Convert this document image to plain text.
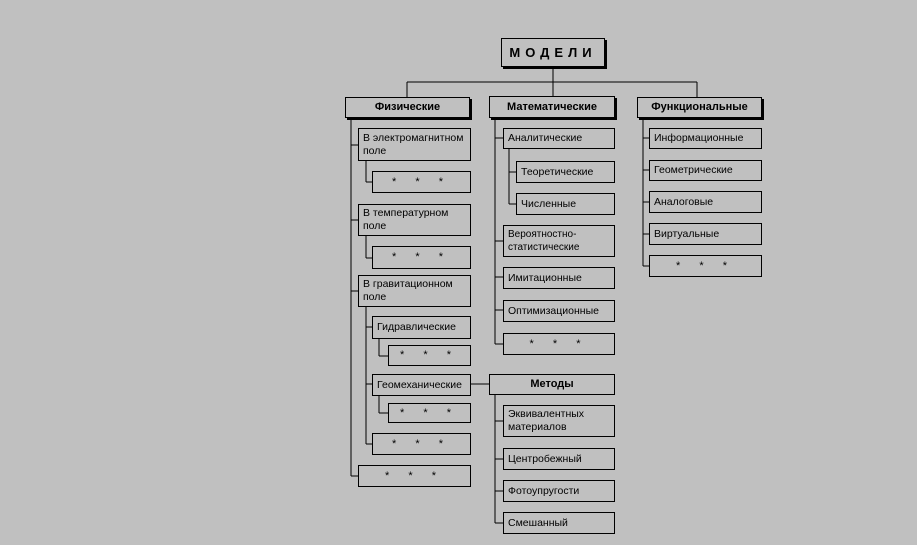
МОДЕЛИ
Физические	Математические	Функциональные
В электромагнитном поле
* * *
В температурном поле
* * *
В гравитационном поле
Гидравлические
* * *
Геомеханические
* * *
* * *
* * *
Аналитические
Теоретические
Численные
Вероятностно-статистические
Имитационные
Оптимизационные
* * *
Информационные
Геометрические
Аналоговые
Виртуальные
* * *
Методы
Эквивалентных материалов
Центробежный
Фотоупругости
Смешанный
